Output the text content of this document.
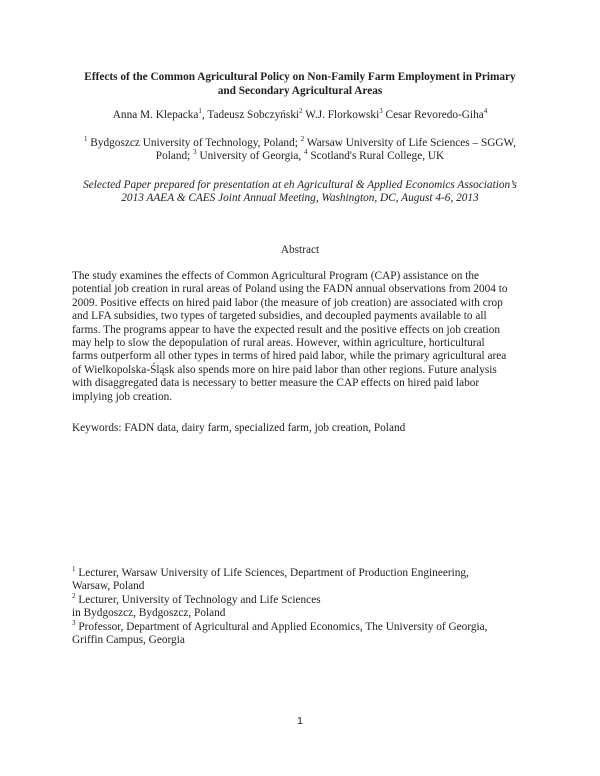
Effects of the Common Agricultural Policy on Non-Family Farm Employment in Primary
and Secondary Agricultural Areas
Anna M. Klepacka$^1$, Tadeusz Sobczyński$^2$ W.J. Florkowski$^3$ Cesar Revoredo-Giha$^4$
$^1$ Bydgoszcz University of Technology, Poland; $^2$ Warsaw University of Life Sciences – SGGW,
Poland; $^3$ University of Georgia, $^4$ Scotland's Rural College, UK
Selected Paper prepared for presentation at eh Agricultural & Applied Economics Association’s
2013 AAEA & CAES Joint Annual Meeting, Washington, DC, August 4-6, 2013
Abstract
The study examines the effects of Common Agricultural Program (CAP) assistance on the
potential job creation in rural areas of Poland using the FADN annual observations from 2004 to
2009. Positive effects on hired paid labor (the measure of job creation) are associated with crop
and LFA subsidies, two types of targeted subsidies, and decoupled payments available to all
farms. The programs appear to have the expected result and the positive effects on job creation
may help to slow the depopulation of rural areas. However, within agriculture, horticultural
farms outperform all other types in terms of hired paid labor, while the primary agricultural area
of Wielkopolska-Śląsk also spends more on hire paid labor than other regions. Future analysis
with disaggregated data is necessary to better measure the CAP effects on hired paid labor
implying job creation.
Keywords: FADN data, dairy farm, specialized farm, job creation, Poland

$^1$ Lecturer, Warsaw University of Life Sciences, Department of Production Engineering,
Warsaw, Poland

$^2$ Lecturer, University of Technology and Life Sciences
in Bydgoszcz, Bydgoszcz, Poland

$^3$ Professor, Department of Agricultural and Applied Economics, The University of Georgia,
Griffin Campus, Georgia

1
